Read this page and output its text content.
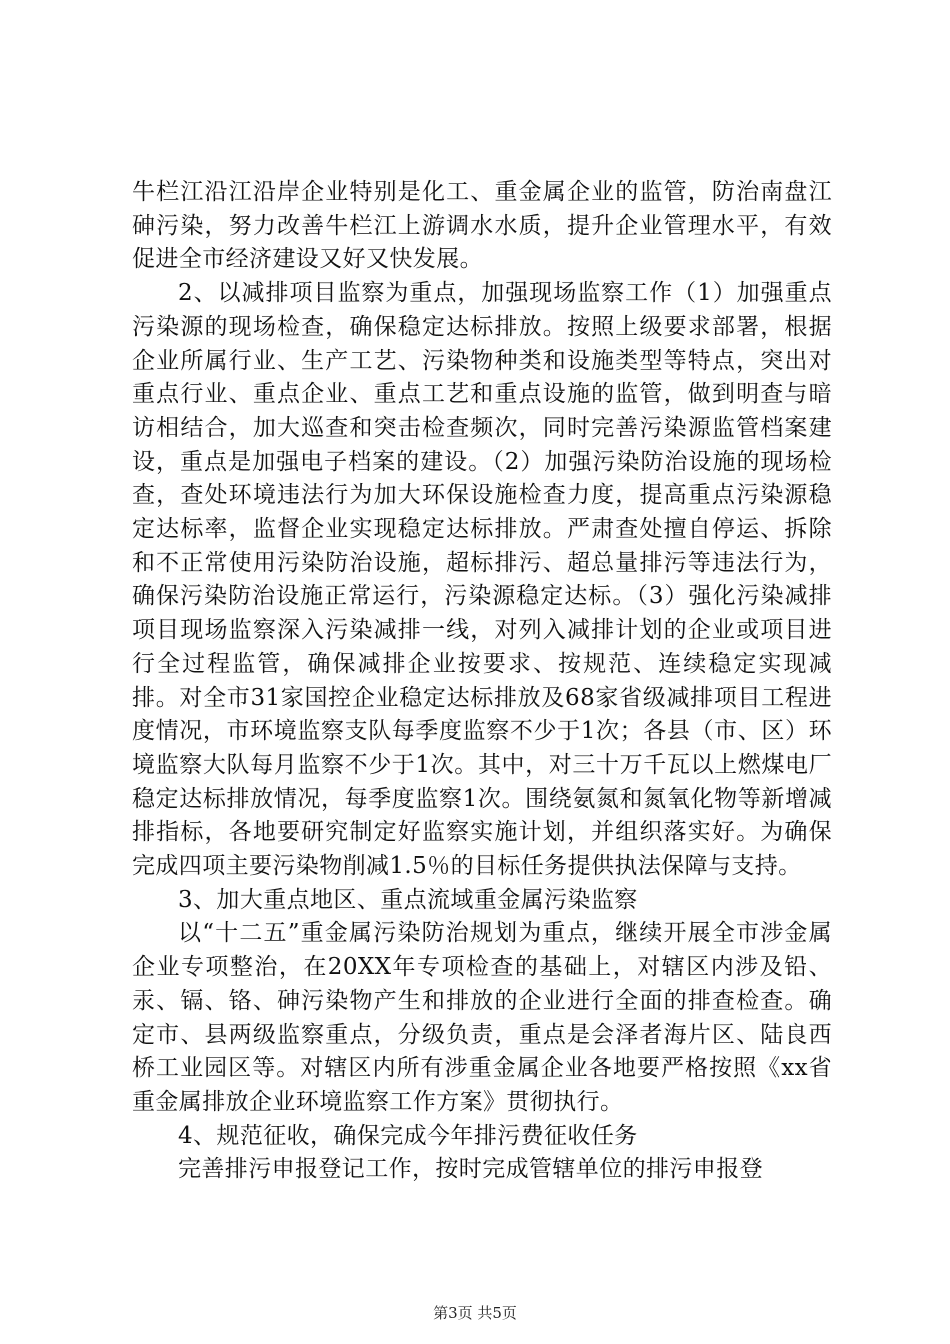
牛栏江沿江沿岸企业特别是化工、重金属企业的监管，防治南盘江砷污染，努力改善牛栏江上游调水水质，提升企业管理水平，有效促进全市经济建设又好又快发展。

2、以减排项目监察为重点，加强现场监察工作（1）加强重点污染源的现场检查，确保稳定达标排放。按照上级要求部署，根据企业所属行业、生产工艺、污染物种类和设施类型等特点，突出对重点行业、重点企业、重点工艺和重点设施的监管，做到明查与暗访相结合，加大巡查和突击检查频次，同时完善污染源监管档案建设，重点是加强电子档案的建设。（2）加强污染防治设施的现场检查，查处环境违法行为加大环保设施检查力度，提高重点污染源稳定达标率，监督企业实现稳定达标排放。严肃查处擅自停运、拆除和不正常使用污染防治设施，超标排污、超总量排污等违法行为，确保污染防治设施正常运行，污染源稳定达标。（3）强化污染减排项目现场监察深入污染减排一线，对列入减排计划的企业或项目进行全过程监管，确保减排企业按要求、按规范、连续稳定实现减排。对全市31家国控企业稳定达标排放及68家省级减排项目工程进度情况，市环境监察支队每季度监察不少于1次；各县（市、区）环境监察大队每月监察不少于1次。其中，对三十万千瓦以上燃煤电厂稳定达标排放情况，每季度监察1次。围绕氨氮和氮氧化物等新增减排指标，各地要研究制定好监察实施计划，并组织落实好。为确保完成四项主要污染物削减1.5％的目标任务提供执法保障与支持。

3、加大重点地区、重点流域重金属污染监察

以“十二五”重金属污染防治规划为重点，继续开展全市涉金属企业专项整治，在20XX年专项检查的基础上，对辖区内涉及铅、汞、镉、铬、砷污染物产生和排放的企业进行全面的排查检查。确定市、县两级监察重点，分级负责，重点是会泽者海片区、陆良西桥工业园区等。对辖区内所有涉重金属企业各地要严格按照《xx省重金属排放企业环境监察工作方案》贯彻执行。

4、规范征收，确保完成今年排污费征收任务

完善排污申报登记工作，按时完成管辖单位的排污申报登

第3页 共5页
